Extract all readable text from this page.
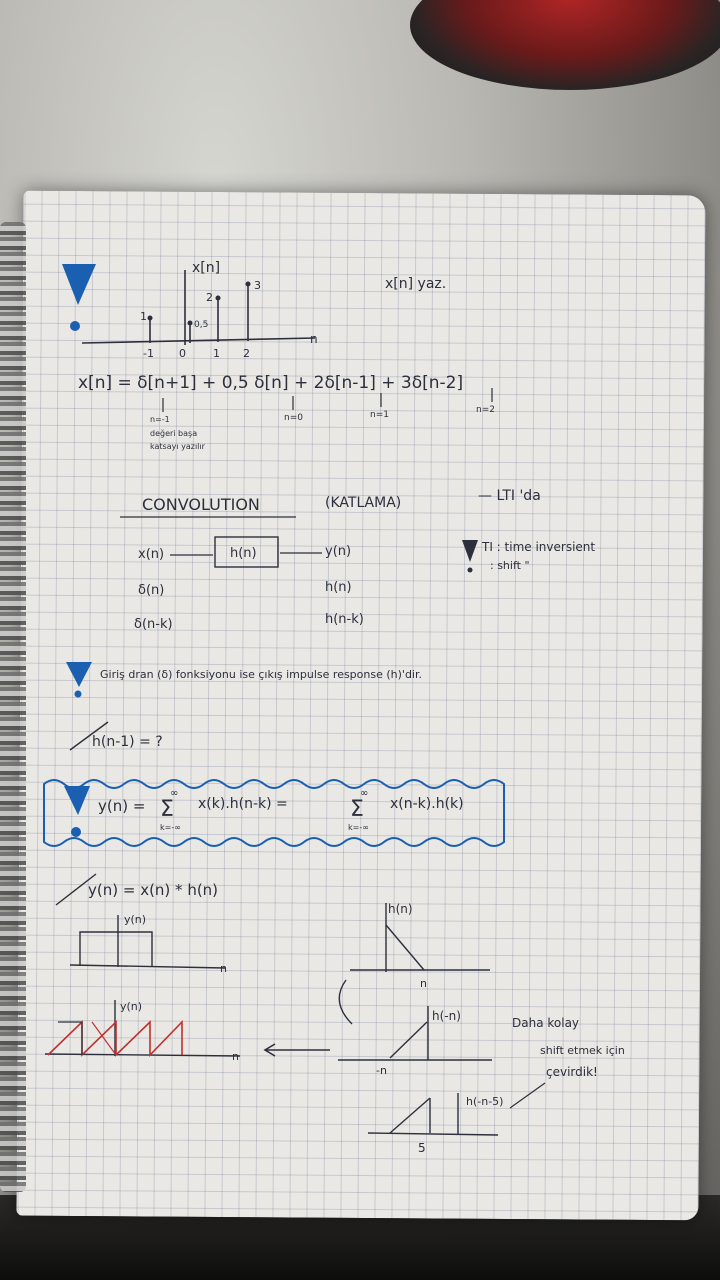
x[n]
n
1
0,5
2
3
-1 0 1 2
x[n] yaz.
x[n] = δ[n+1] + 0,5 δ[n] + 2δ[n-1] + 3δ[n-2]
n=-1	n=0	n=1	n=2
değeri başa
katsayı yazılır
CONVOLUTION	(KATLAMA)	— LTI 'da
x(n)	h(n)	y(n)
δ(n)	h(n)
δ(n-k)	h(n-k)
TI : time inversient
: shift "
Giriş dran (δ) fonksiyonu ise çıkış impulse response (h)'dir.
h(n-1) = ?
y(n) = Σ
∞
k=-∞
x(k).h(n-k) =	Σ
∞
k=-∞
x(n-k).h(k)
y(n) = x(n) * h(n)
y(n)
n
y(n)
n
h(n)
n
h(-n)
-n
h(-n-5)
5
Daha kolay
shift etmek için
çevirdik!
